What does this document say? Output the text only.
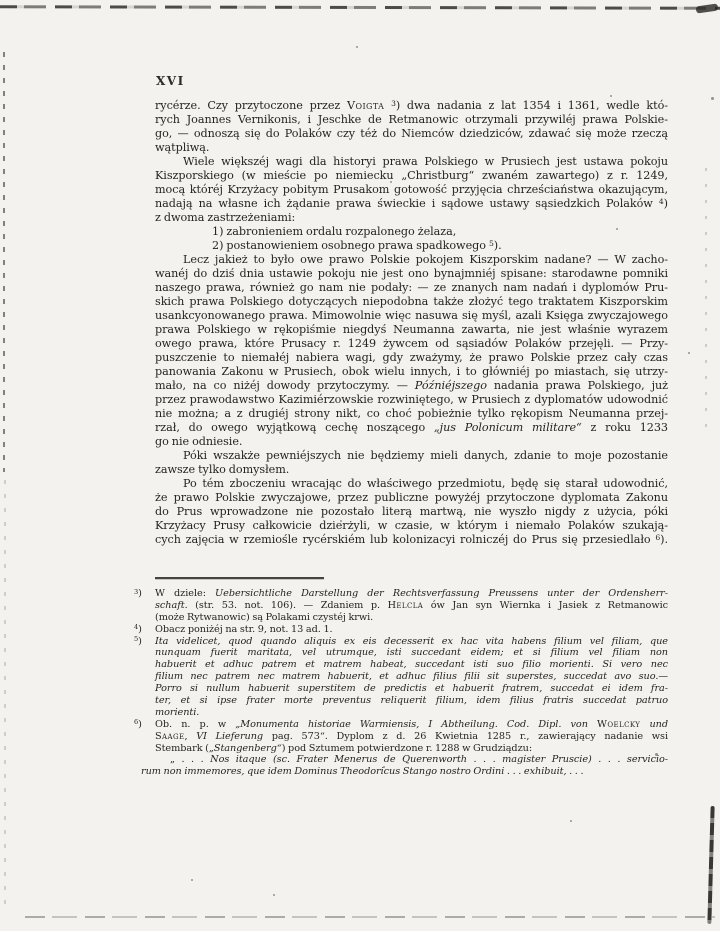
XVI
rycérze. Czy przytoczone przez Voigta $^3$) dwa nadania z lat 1354 i 1361, wedle któ-
rych Joannes Vernikonis, i Jeschke de Retmanowic otrzymali przywiléj prawa Polskie-
go, — odnoszą się do Polaków czy téż do Niemców dziedziców, zdawać się może rzeczą
wątpliwą.
Wiele większéj wagi dla historyi prawa Polskiego w Prusiech jest ustawa pokoju
Kiszporskiego (w mieście po niemiecku „Christburg“ zwaném zawartego) z r. 1249,
mocą któréj Krzyżacy pobitym Prusakom gotowość przyjęcia chrześciaństwa okazującym,
nadają na własne ich żądanie prawa świeckie i sądowe ustawy sąsiedzkich Polaków $^4$)
z dwoma zastrzeżeniami:
1) zabronieniem ordalu rozpalonego żelaza,
2) postanowieniem osobnego prawa spadkowego $^5$).
Lecz jakież to było owe prawo Polskie pokojem Kiszporskim nadane? — W zacho-
wanéj do dziś dnia ustawie pokoju nie jest ono bynajmniéj spisane: starodawne pomniki
naszego prawa, również go nam nie podały: — ze znanych nam nadań i dyplomów Pru-
skich prawa Polskiego dotyczących niepodobna także złożyć tego traktatem Kiszporskim
usankcyonowanego prawa. Mimowolnie więc nasuwa się myśl, azali Księga zwyczajowego
prawa Polskiego w rękopiśmie niegdyś Neumanna zawarta, nie jest właśnie wyrazem
owego prawa, które Prusacy r. 1249 żywcem od sąsiadów Polaków przejęli. — Przy-
puszczenie to niemałéj nabiera wagi, gdy zważymy, że prawo Polskie przez cały czas
panowania Zakonu w Prusiech, obok wielu innych, i to główniéj po miastach, się utrzy-
mało, na co niżéj dowody przytoczymy. — Późniéjszego nadania prawa Polskiego, już
przez prawodawstwo Kazimiérzowskie rozwiniętego, w Prusiech z dyplomatów udowodnić
nie można; a z drugiéj strony nikt, co choć pobieżnie tylko rękopism Neumanna przej-
rzał, do owego wyjątkową cechę noszącego „jus Polonicum militare“ z roku 1233
go nie odniesie.
Póki wszakże pewniéjszych nie będziemy mieli danych, zdanie to moje pozostanie
zawsze tylko domysłem.
Po tém zboczeniu wracając do właściwego przedmiotu, będę się starał udowodnić,
że prawo Polskie zwyczajowe, przez publiczne powyżéj przytoczone dyplomata Zakonu
do Prus wprowadzone nie pozostało literą martwą, nie wyszło nigdy z użycia, póki
Krzyżacy Prusy całkowicie dzierżyli, w czasie, w którym i niemało Polaków szukają-
cych zajęcia w rzemiośle rycérskiém lub kolonizacyi rolniczéj do Prus się przesiedlało $^6$).
$^3$) W dziele: Uebersichtliche Darstellung der Rechtsverfassung Preussens unter der Ordensherr-
schaft. (str. 53. not. 106). — Zdaniem p. Helcla ów Jan syn Wiernka i Jasiek z Retmanowic
(może Rytwanowic) są Polakami czystéj krwi.
$^4$) Obacz poniżéj na str. 9, not. 13 ad. 1.
$^5$) Ita videlicet, quod quando aliquis ex eis decesserit ex hac vita habens filium vel filiam, que
nunquam fuerit maritata, vel utrumque, isti succedant eidem; et si filium vel filiam non
habuerit et adhuc patrem et matrem habeat, succedant isti suo filio morienti. Si vero nec
filium nec patrem nec matrem habuerit, et adhuc filius filii sit superstes, succedat avo suo.—
Porro si nullum habuerit superstitem de predictis et habuerit fratrem, succedat ei idem fra-
ter, et si ipse frater morte preventus reliquerit filium, idem filius fratris succedat patruo
morienti.
$^6$) Ob. n. p. w „Monumenta historiae Warmiensis, I Abtheilung. Cod. Dipl. von Woelcky und
Saage, VI Lieferung pag. 573“. Dyplom z d. 26 Kwietnia 1285 r., zawierający nadanie wsi
Stembark („Stangenberg“) pod Sztumem potwierdzone r. 1288 w Grudziądzu:
„ . . . Nos itaque (sc. Frater Menerus de Querenworth . . . magister Pruscie) . . . servicio-
rum non immemores, que idem Dominus Theodoricus Stango nostro Ordini . . . exhibuit, . . .
